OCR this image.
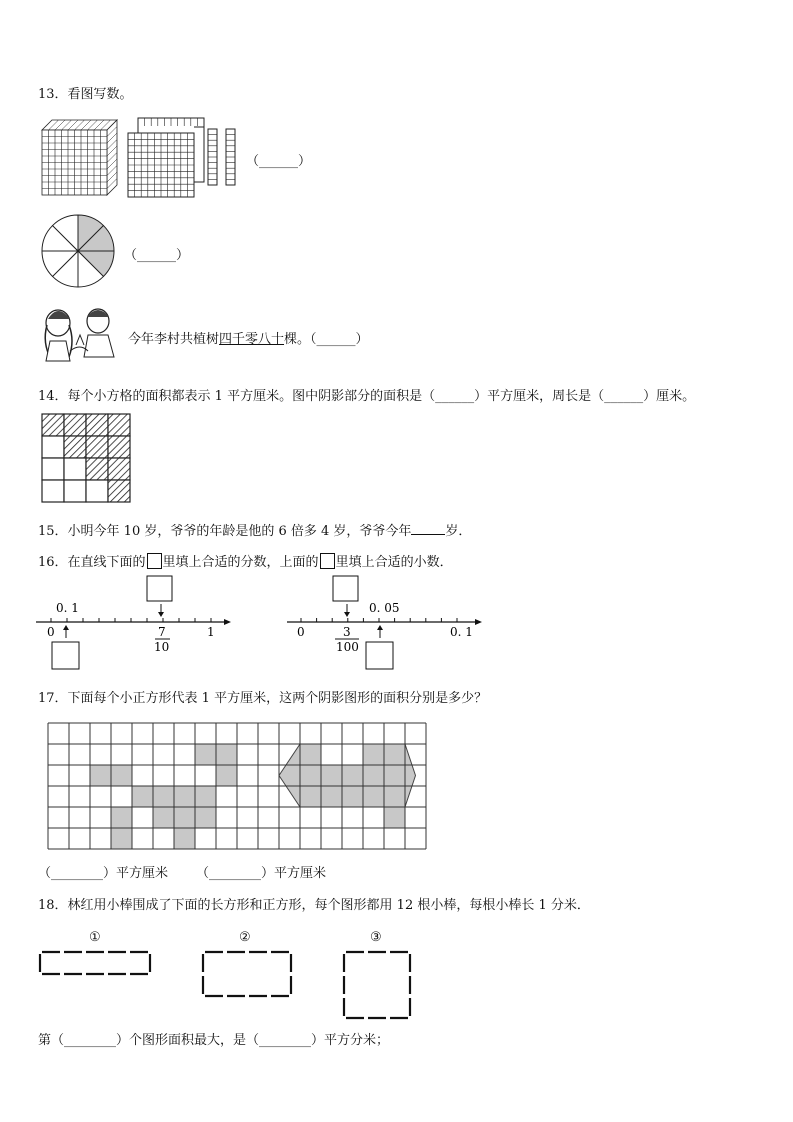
13．看图写数。
（______）
（______）
今年李村共植树四千零八十棵。（______）
14．每个小方格的面积都表示 1 平方厘米。图中阴影部分的面积是（______）平方厘米，周长是（______）厘米。
15．小明今年 10 岁，爷爷的年龄是他的 6 倍多 4 岁，爷爷今年	岁．
16．在直线下面的 里填上合适的分数，上面的 里填上合适的小数．
0. 1
0	1
7
10
0. 05
0	0. 1
3
100
17．下面每个小正方形代表 1 平方厘米，这两个阴影图形的面积分别是多少？
（________）平方厘米 （________）平方厘米
18．林红用小棒围成了下面的长方形和正方形，每个图形都用 12 根小棒，每根小棒长 1 分米．
①	②	③
第（________）个图形面积最大，是（________）平方分米；
